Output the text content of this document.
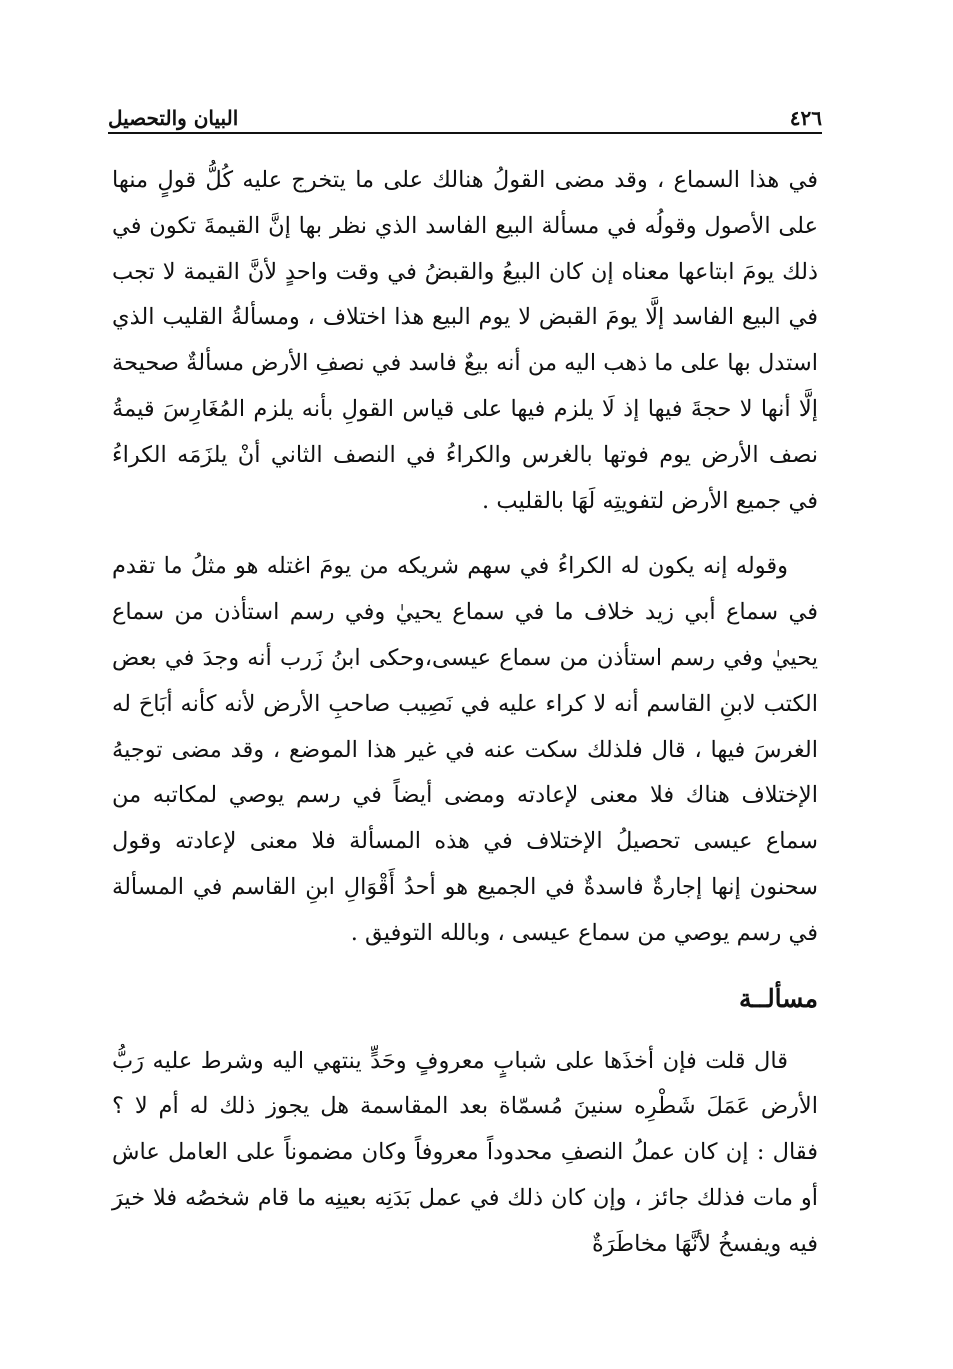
البيان والتحصيل	٤٢٦

في هذا السماع ، وقد مضى القولُ هنالك على ما يتخرج عليه كُلُّ قولٍ منها على الأصول وقولُه في مسألة البيع الفاسد الذي نظر بها إنَّ القيمةَ تكون في ذلك يومَ ابتاعها معناه إن كان البيعُ والقبضُ في وقت واحدٍ لأنَّ القيمة لا تجب في البيع الفاسد إلَّا يومَ القبض لا يوم البيع هذا اختلاف ، ومسألةُ القليب الذي استدل بها على ما ذهب اليه من أنه بيعٌ فاسد في نصفِ الأرض مسألةٌ صحيحة إلَّا أنها لا حجةَ فيها إذ لَا يلزم فيها على قياس القولِ بأنه يلزم المُغَارِسَ قيمةُ نصف الأرض يوم فوتها بالغرس والكراءُ في النصف الثاني أنْ يلزَمَه الكراءُ في جميع الأرض لتفويتِه لَهَا بالقليب .

وقوله إنه يكون له الكراءُ في سهم شريكه من يومَ اغتله هو مثلُ ما تقدم في سماع أبي زيد خلاف ما في سماع يحييٰ وفي رسم استأذن من سماع يحييٰ وفي رسم استأذن من سماع عيسى،وحكى ابنُ زَرب أنه وجدَ في بعض الكتب لابنِ القاسم أنه لا كراء عليه في نَصِيب صاحبِ الأرض لأنه كأنه أبَاحَ له الغرسَ فيها ، قال فلذلك سكت عنه في غير هذا الموضع ، وقد مضى توجيهُ الإختلاف هناك فلا معنى لإعادته ومضى أيضاً في رسم يوصي لمكاتبه من سماع عيسى تحصيلُ الإختلاف في هذه المسألة فلا معنى لإعادته وقول سحنون إنها إجارةٌ فاسدةٌ في الجميع هو أحدُ أَقْوَالِ ابنِ القاسم في المسألة في رسم يوصي من سماع عيسى ، وبالله التوفيق .

مسألــة

قال قلت فإن أخذَها على شبابٍ معروفٍ وحَدٍّ ينتهي اليه وشرط عليه رَبُّ الأرض عَمَلَ شَطْرِه سنينَ مُسمّاة بعد المقاسمة هل يجوز ذلك له أم لا ؟ فقال : إن كان عملُ النصفِ محدوداً معروفاً وكان مضموناً على العامل عاش أو مات فذلك جائز ، وإن كان ذلك في عمل بَدَنِه بعينِه ما قام شخصُه فلا خيرَ فيه ويفسخُ لأنَّهَا مخاطَرَةٌ
